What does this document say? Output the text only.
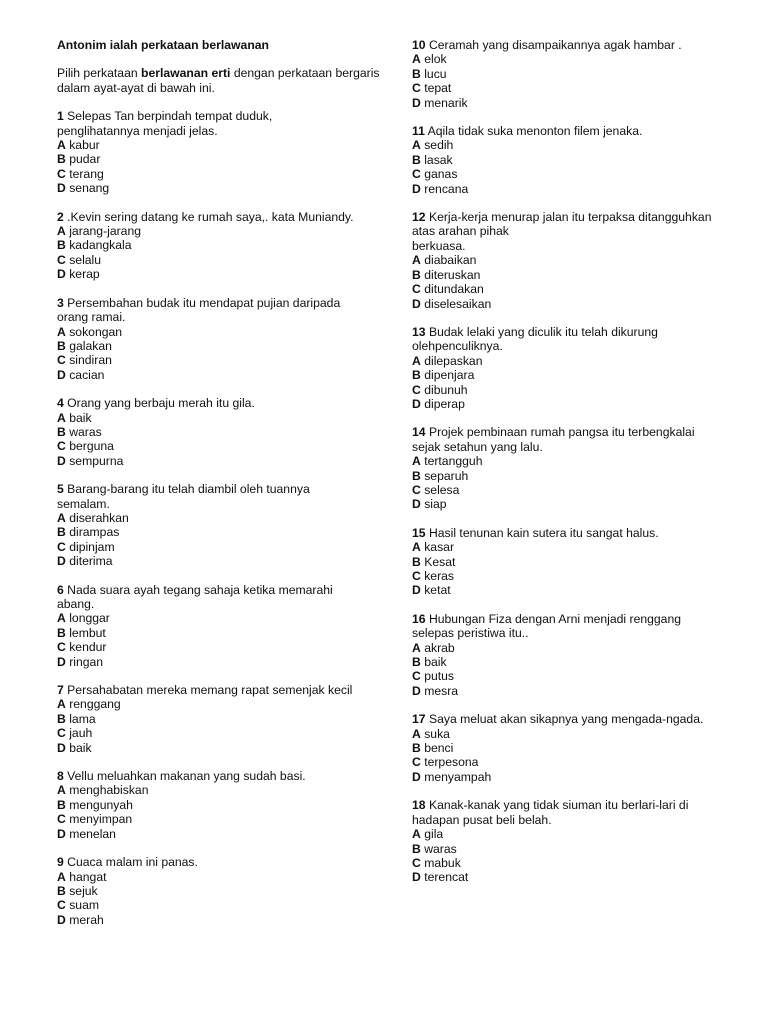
Antonim ialah perkataan berlawanan
Pilih perkataan berlawanan erti dengan perkataan bergaris dalam ayat-ayat di bawah ini.
1 Selepas Tan berpindah tempat duduk,
penglihatannya menjadi jelas.
A kabur
B pudar
C terang
D senang
2 .Kevin sering datang ke rumah saya,. kata Muniandy.
A jarang-jarang
B kadangkala
C selalu
D kerap
3 Persembahan budak itu mendapat pujian daripada
orang ramai.
A sokongan
B galakan
C sindiran
D cacian
4 Orang yang berbaju merah itu gila.
A baik
B waras
C berguna
D sempurna
5 Barang-barang itu telah diambil oleh tuannya
semalam.
A diserahkan
B dirampas
C dipinjam
D diterima
6 Nada suara ayah tegang sahaja ketika memarahi
abang.
A longgar
B lembut
C kendur
D ringan
7 Persahabatan mereka memang rapat semenjak kecil
A renggang
B lama
C jauh
D baik
8 Vellu meluahkan makanan yang sudah basi.
A menghabiskan
B mengunyah
C menyimpan
D menelan
9 Cuaca malam ini panas.
A hangat
B sejuk
C suam
D merah
10 Ceramah yang disampaikannya agak hambar .
A elok
B lucu
C tepat
D menarik
11 Aqila tidak suka menonton filem jenaka.
A sedih
B lasak
C ganas
D rencana
12 Kerja-kerja menurap jalan itu terpaksa ditangguhkan
atas arahan pihak
berkuasa.
A diabaikan
B diteruskan
C ditundakan
D diselesaikan
13 Budak lelaki yang diculik itu telah dikurung
olehpenculiknya.
A dilepaskan
B dipenjara
C dibunuh
D diperap
14 Projek pembinaan rumah pangsa itu terbengkalai
sejak setahun yang lalu.
A tertangguh
B separuh
C selesa
D siap
15 Hasil tenunan kain sutera itu sangat halus.
A kasar
B Kesat
C keras
D ketat
16 Hubungan Fiza dengan Arni menjadi renggang
selepas peristiwa itu..
A akrab
B baik
C putus
D mesra
17 Saya meluat akan sikapnya yang mengada-ngada.
A suka
B benci
C terpesona
D menyampah
18 Kanak-kanak yang tidak siuman itu berlari-lari di
hadapan pusat beli belah.
A gila
B waras
C mabuk
D terencat
